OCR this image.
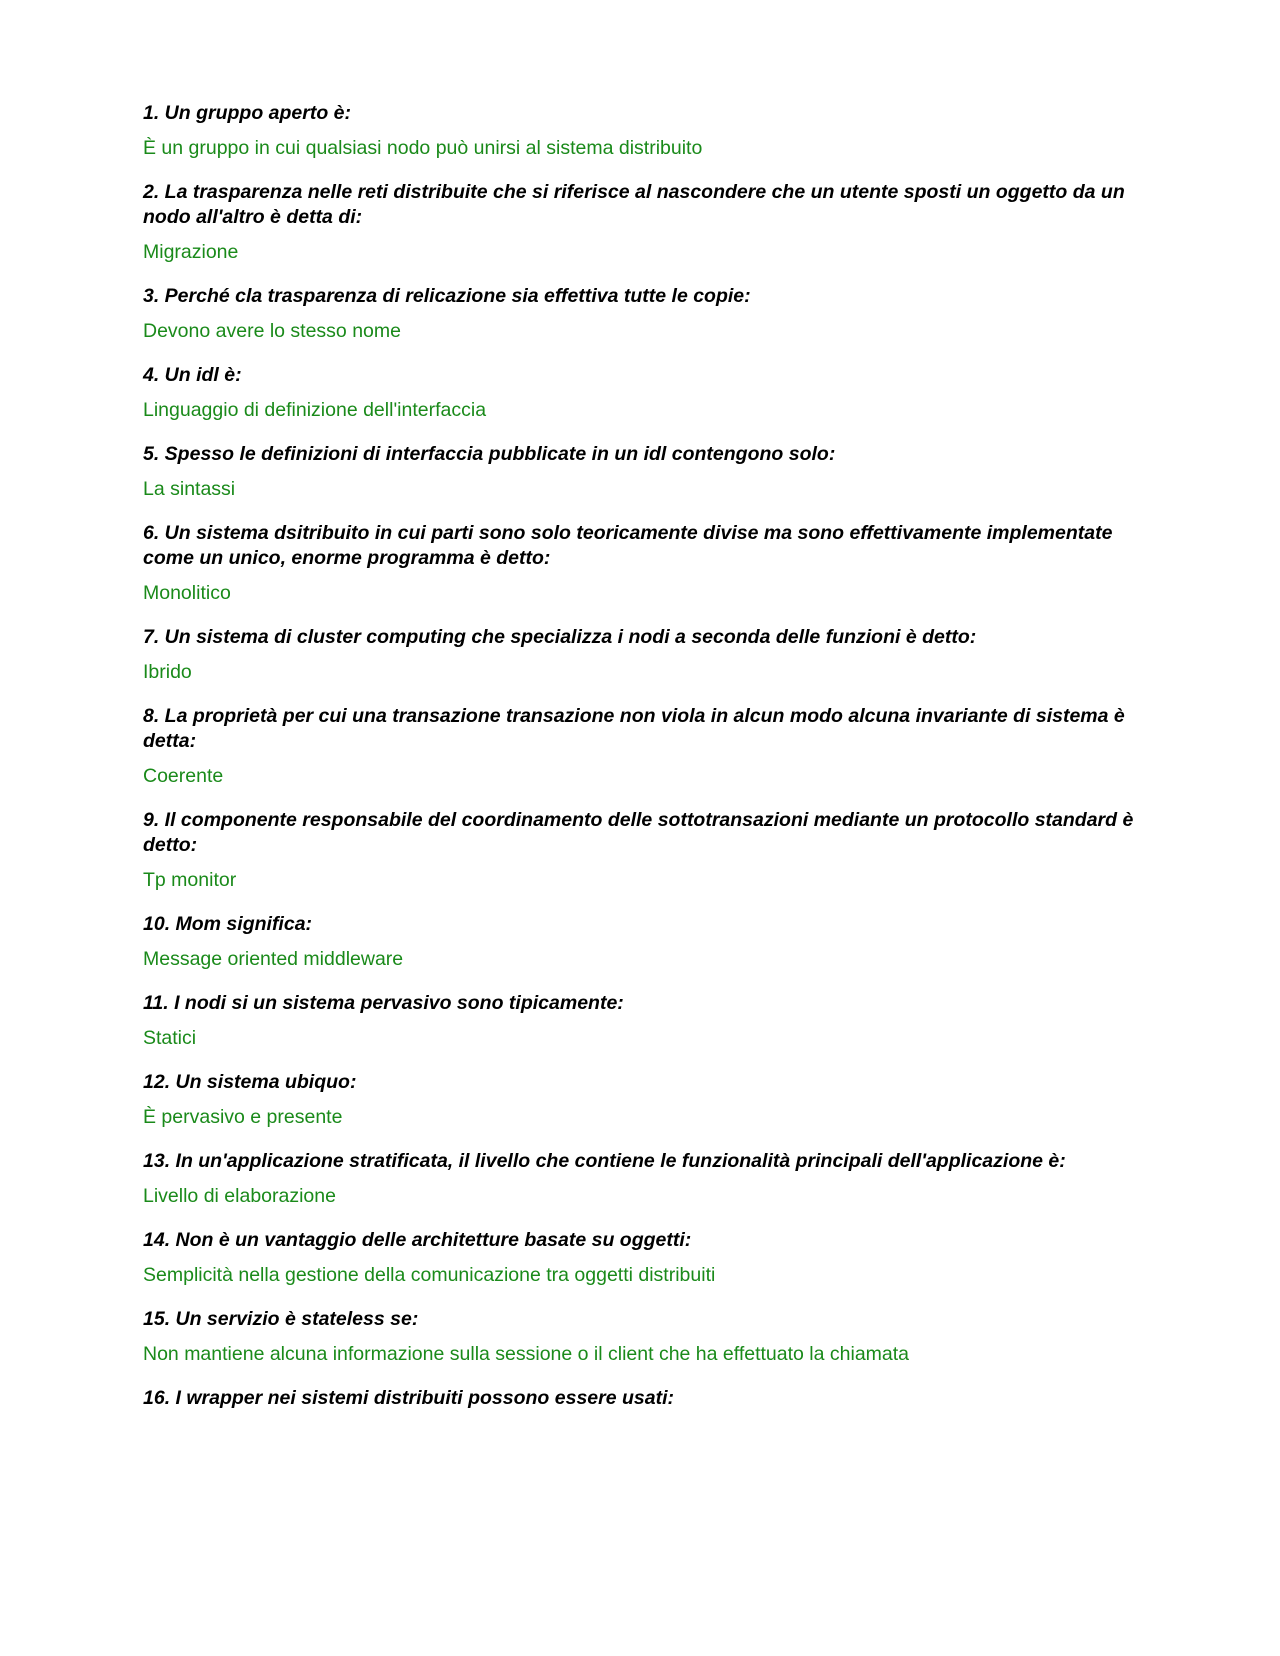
1. Un gruppo aperto è:

È un gruppo in cui qualsiasi nodo può unirsi al sistema distribuito

2. La trasparenza nelle reti distribuite che si riferisce al nascondere che un utente sposti un oggetto da un nodo all'altro è detta di:

Migrazione

3. Perché cla trasparenza di relicazione sia effettiva tutte le copie:

Devono avere lo stesso nome

4. Un idl è:

Linguaggio di definizione dell'interfaccia

5. Spesso le definizioni di interfaccia pubblicate in un idl contengono solo:

La sintassi

6. Un sistema dsitribuito in cui parti sono solo teoricamente divise ma sono effettivamente implementate come un unico, enorme programma è detto:

Monolitico

7. Un sistema di cluster computing che specializza i nodi a seconda delle funzioni è detto:

Ibrido

8. La proprietà per cui una transazione transazione non viola in alcun modo alcuna invariante di sistema è detta:

Coerente

9. Il componente responsabile del coordinamento delle sottotransazioni mediante un protocollo standard è detto:

Tp monitor

10. Mom significa:

Message oriented middleware

11. I nodi si un sistema pervasivo sono tipicamente:

Statici

12. Un sistema ubiquo:

È pervasivo e presente

13. In un'applicazione stratificata, il livello che contiene le funzionalità principali dell'applicazione è:

Livello di elaborazione

14. Non è un vantaggio delle architetture basate su oggetti:

Semplicità nella gestione della comunicazione tra oggetti distribuiti

15. Un servizio è stateless se:

Non mantiene alcuna informazione sulla sessione o il client che ha effettuato la chiamata

16. I wrapper nei sistemi distribuiti possono essere usati:
